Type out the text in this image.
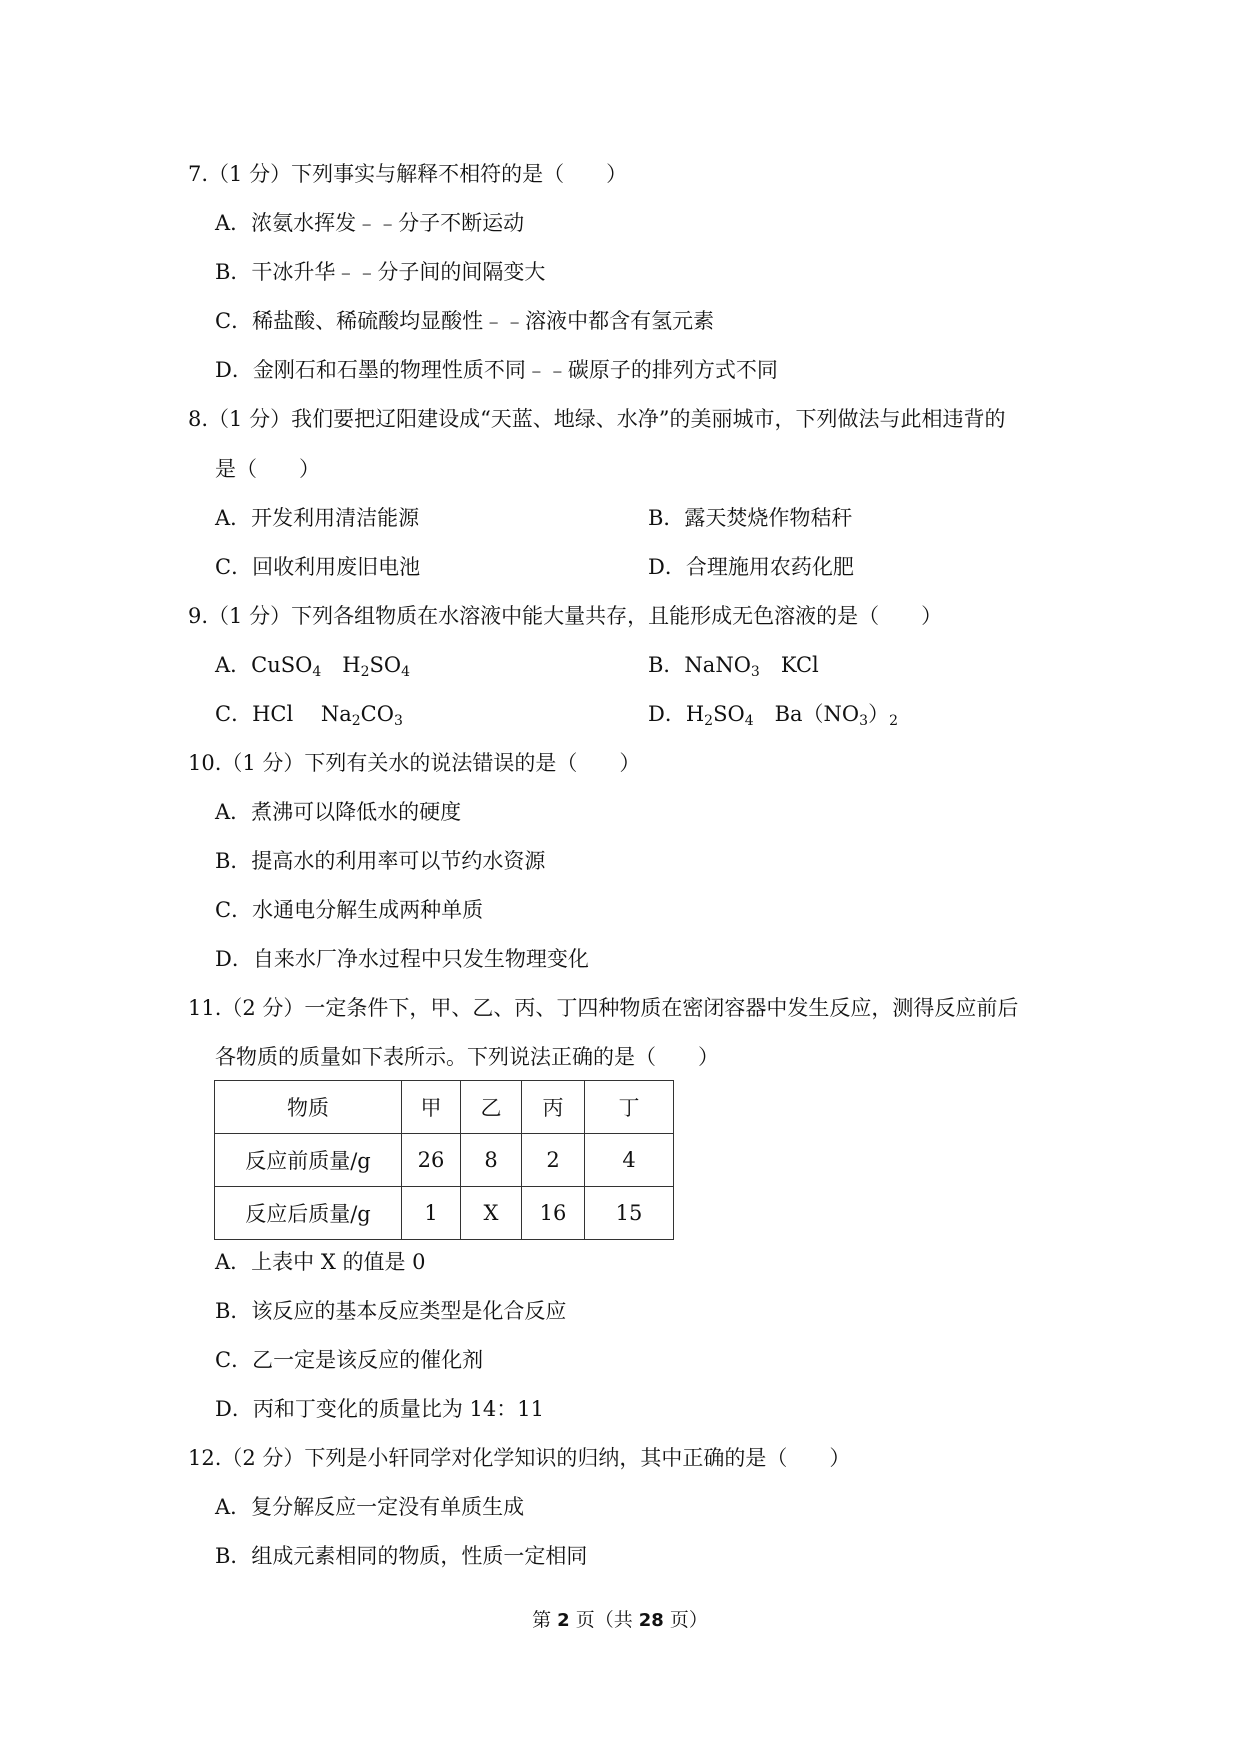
7.（1 分）下列事实与解释不相符的是（　　）
A．浓氨水挥发﹣﹣分子不断运动
B．干冰升华﹣﹣分子间的间隔变大
C．稀盐酸、稀硫酸均显酸性﹣﹣溶液中都含有氢元素
D．金刚石和石墨的物理性质不同﹣﹣碳原子的排列方式不同
8.（1 分）我们要把辽阳建设成“天蓝、地绿、水净”的美丽城市，下列做法与此相违背的
是（　　）
A．开发利用清洁能源	B．露天焚烧作物秸秆
C．回收利用废旧电池	D．合理施用农药化肥
9.（1 分）下列各组物质在水溶液中能大量共存，且能形成无色溶液的是（　　）
A．CuSO$_4$　$H_2SO_4$	B．NaNO$_3$　KCl
C．HCl　 $Na_2CO_3$	D．$H_2SO_4$　$Ba(NO_3)_2$
10.（1 分）下列有关水的说法错误的是（　　）
A．煮沸可以降低水的硬度
B．提高水的利用率可以节约水资源
C．水通电分解生成两种单质
D．自来水厂净水过程中只发生物理变化
11.（2 分）一定条件下，甲、乙、丙、丁四种物质在密闭容器中发生反应，测得反应前后
各物质的质量如下表所示。下列说法正确的是（　　）
物质	甲	乙	丙	丁
反应前质量/g	26	8	2	4
反应后质量/g	1	X	16	15
A．上表中 X 的值是 0
B．该反应的基本反应类型是化合反应
C．乙一定是该反应的催化剂
D．丙和丁变化的质量比为 14：11
12.（2 分）下列是小轩同学对化学知识的归纳，其中正确的是（　　）
A．复分解反应一定没有单质生成
B．组成元素相同的物质，性质一定相同
第 2 页（共 28 页）
